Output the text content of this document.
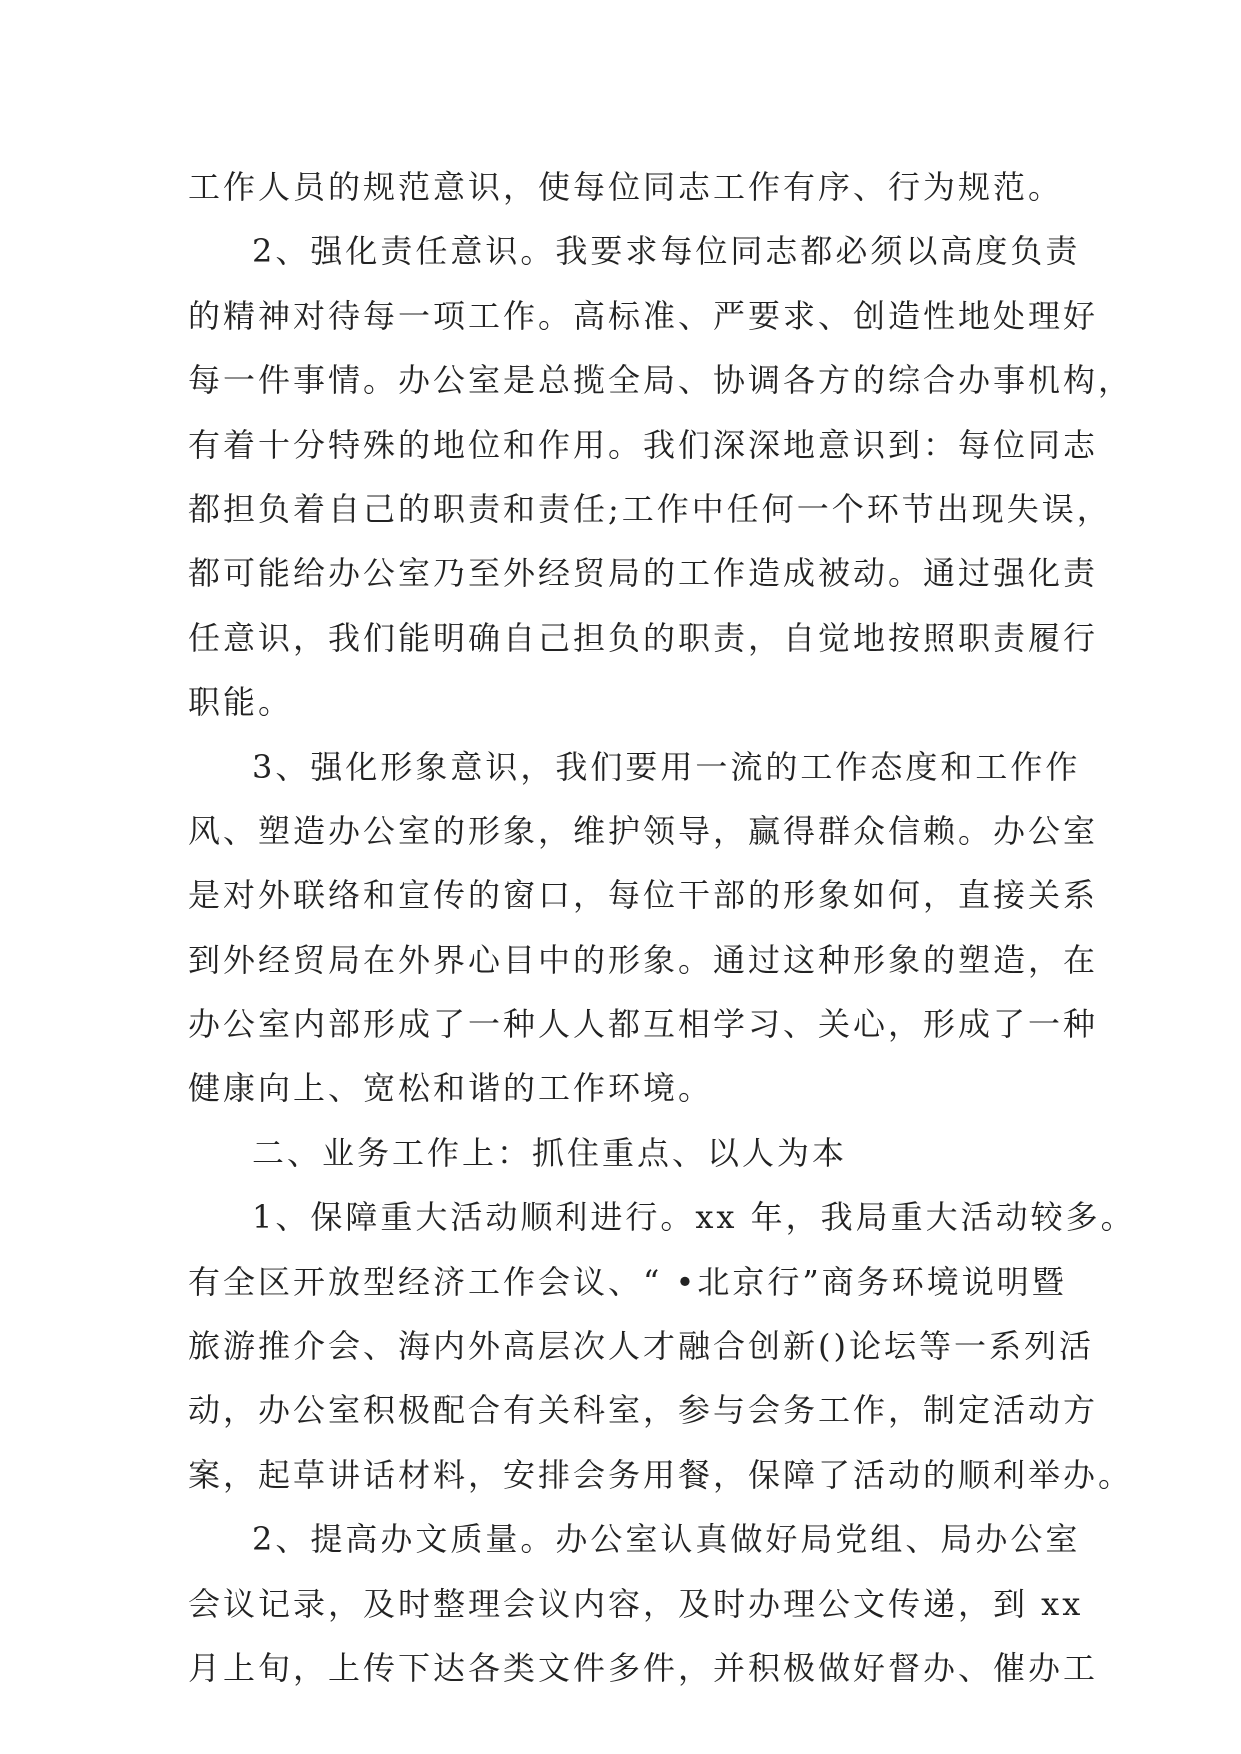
工作人员的规范意识，使每位同志工作有序、行为规范。
2、强化责任意识。我要求每位同志都必须以高度负责
的精神对待每一项工作。高标准、严要求、创造性地处理好
每一件事情。办公室是总揽全局、协调各方的综合办事机构，
有着十分特殊的地位和作用。我们深深地意识到：每位同志
都担负着自己的职责和责任;工作中任何一个环节出现失误，
都可能给办公室乃至外经贸局的工作造成被动。通过强化责
任意识，我们能明确自己担负的职责，自觉地按照职责履行
职能。
3、强化形象意识，我们要用一流的工作态度和工作作
风、塑造办公室的形象，维护领导，赢得群众信赖。办公室
是对外联络和宣传的窗口，每位干部的形象如何，直接关系
到外经贸局在外界心目中的形象。通过这种形象的塑造，在
办公室内部形成了一种人人都互相学习、关心，形成了一种
健康向上、宽松和谐的工作环境。
二、业务工作上：抓住重点、以人为本
1、保障重大活动顺利进行。xx 年，我局重大活动较多。
有全区开放型经济工作会议、“ •北京行”商务环境说明暨
旅游推介会、海内外高层次人才融合创新()论坛等一系列活
动，办公室积极配合有关科室，参与会务工作，制定活动方
案，起草讲话材料，安排会务用餐，保障了活动的顺利举办。
2、提高办文质量。办公室认真做好局党组、局办公室
会议记录，及时整理会议内容，及时办理公文传递，到 xx
月上旬，上传下达各类文件多件，并积极做好督办、催办工
